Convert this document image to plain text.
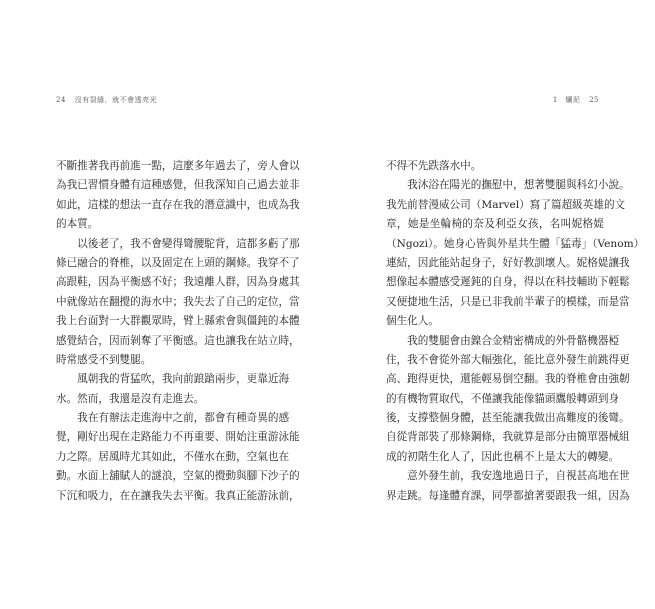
24 沒有裂縫，就不會透亮光
不斷推著我再前進一點，這麼多年過去了，旁人會以
為我已習慣身體有這種感覺，但我深知自己過去並非
如此，這樣的想法一直存在我的潛意識中，也成為我
的本質。
　　以後老了，我不會變得彎腰駝背，這都多虧了那
條已融合的脊椎，以及固定在上頭的鋼條。我穿不了
高跟鞋，因為平衡感不好；我遠離人群，因為身處其
中就像站在翻攪的海水中；我失去了自己的定位，當
我上台面對一大群觀眾時，臂上縣索會與僵鈍的本體
感覺結合，因而剝奪了平衡感。這也讓我在站立時，
時常感受不到雙腿。
　　風朝我的背猛吹，我向前踉蹌兩步，更靠近海
水。然而，我還是沒有走進去。
　　我在有辦法走進海中之前，都會有種奇異的感
覺，剛好出現在走路能力不再重要、開始注重游泳能
力之際。居風時尤其如此，不僅水在動，空氣也在
動。水面上舖賦人的謎浪，空氣的攪動與腳下沙子的
下沉和吸力，在在讓我失去平衡。我真正能游泳前，
1　爛泥 25
不得不先跌落水中。
　　我沐浴在陽光的撫慰中，想著雙腿與科幻小說。
我先前替漫威公司（Marvel）寫了篇超級英雄的文
章，她是坐輪椅的奈及利亞女孩，名叫妮格媞
（Ngozi）。她身心皆與外星共生體「猛毒」（Venom）
連結，因此能站起身子，好好教訓壞人。妮格媞讓我
想像起本體感受遲鈍的自身，得以在科技輔助下輕鬆
又便捷地生活，只是已非我前半輩子的模樣，而是當
個生化人。
　　我的雙腿會由鎳合金精密構成的外骨骼機器椏
住，我不會從外部大幅強化，能比意外發生前跳得更
高、跑得更快，還能輕易倒空翻。我的脊椎會由強韌
的有機物質取代，不僅讓我能像貓頭鷹般轉頭到身
後，支撐整個身體，甚至能讓我做出高難度的後彎。
自從背部裝了那條鋼條，我就算是部分由簡單器械組
成的初階生化人了，因此也稱不上是太大的轉變。
　　意外發生前，我安逸地過日子，自視甚高地在世
界走跳。每逢體育課，同學都搶著要跟我一組，因為
